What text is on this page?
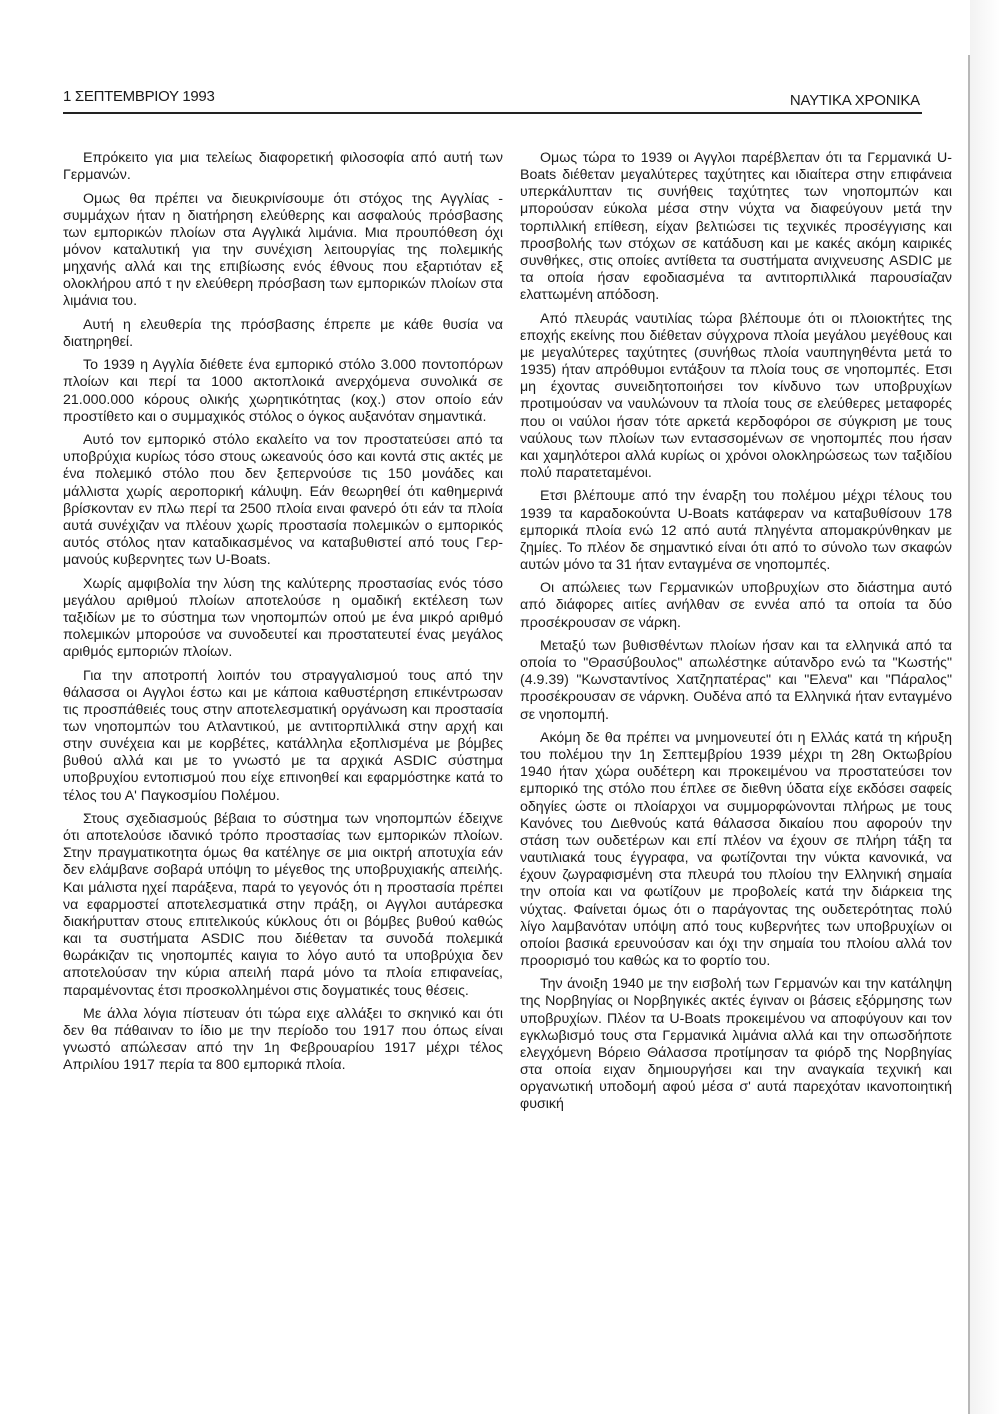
1 ΣΕΠΤΕΜΒΡΙΟΥ 1993	ΝΑΥΤΙΚΑ ΧΡΟΝΙΚΑ

Επρόκειτο για μια τελείως διαφορετική φιλοσοφία από αυτή των Γερμανών.

Ομως θα πρέπει να διευκρινίσουμε ότι στόχος της Αγγλίας - συμμάχων ήταν η διατήρηση ελεύθερης και ασφαλούς πρόσβασης των εμπορικών πλοίων στα Αγγλικά λιμάνια. Μια προυπόθεση όχι μόνον καταλυτική για την συνέχιση λειτουργίας της πολεμικής μηχανής αλλά και της επιβίωσης ενός έθνους που εξαρτιόταν εξ ολοκλήρου από τ ην ελεύθερη πρόσβαση των εμπορικών πλοίων στα λιμάνια του.

Αυτή η ελευθερία της πρόσβασης έπρεπε με κάθε θυσία να διατηρηθεί.

Το 1939 η Αγγλία διέθετε ένα εμπορικό στόλο 3.000 ποντοπόρων πλοίων και περί τα 1000 ακτοπλοικά ανερχόμενα συνολικά σε 21.000.000 κόρους ολικής χωρητικότητας (κοχ.) στον οποίο εάν προστίθετο και ο συμμαχικός στόλος ο όγκος αυξανόταν σημαντικά.

Αυτό τον εμπορικό στόλο εκαλείτο να τον προστατεύσει από τα υποβρύχια κυρίως τόσο στους ωκεανούς όσο και κοντά στις ακτές με ένα πολεμικό στόλο που δεν ξεπερνούσε τις 150 μονάδες και μάλλιστα χωρίς αεροπορική κάλυψη. Εάν θεωρηθεί ότι καθημερινά βρίσκονταν εν πλω περί τα 2500 πλοία ειναι φανερό ότι εάν τα πλοία αυτά συνέχιζαν να πλέουν χωρίς προστασία πολεμικών ο εμπορικός αυτός στόλος ηταν καταδικασμένος να καταβυθιστεί από τους Γερμανούς κυβερνητες των U-Boats.

Χωρίς αμφιβολία την λύση της καλύτερης προστασίας ενός τόσο μεγάλου αριθμού πλοίων αποτελούσε η ομαδική εκτέλεση των ταξιδίων με το σύστημα των νηοπομπών οπού με ένα μικρό αριθμό πολεμικών μπορούσε να συνοδευτεί και προστατευτεί ένας μεγάλος αριθμός εμποριών πλοίων.

Για την αποτροπή λοιπόν του στραγγαλισμού τους από την θάλασσα οι Αγγλοι έστω και με κάποια καθυστέρηση επικέντρωσαν τις προσπάθειές τους στην αποτελεσματική οργάνωση και προστασία των νηοπομπών του Ατλαντικού, με αντιτορπιλλικά στην αρχή και στην συνέχεια και με κορβέτες, κατάλληλα εξοπλισμένα με βόμβες βυθού αλλά και με το γνωστό με τα αρχικά ASDIC σύστημα υποβρυχίου εντοπισμού που είχε επινοηθεί και εφαρμόστηκε κατά το τέλος του Α' Παγκοσμίου Πολέμου.

Στους σχεδιασμούς βέβαια το σύστημα των νηοπομπών έδειχνε ότι αποτελούσε ιδανικό τρόπο προστασίας των εμπορικών πλοίων. Στην πραγματικοτητα όμως θα κατέληγε σε μια οικτρή αποτυχία εάν δεν ελάμβανε σοβαρά υπόψη το μέγεθος της υποβρυχιακής απειλής. Και μάλιστα ηχεί παράξενα, παρά το γεγονός ότι η προστασία πρέπει να εφαρμοστεί αποτελεσματικά στην πράξη, οι Αγγλοι αυτάρεσκα διακήρυτταν στους επιτελικούς κύκλους ότι οι βόμβες βυθού καθώς και τα συστήματα ASDIC που διέθεταν τα συνοδά πολεμικά θωράκιζαν τις νηοπομπές καιγια το λόγο αυτό τα υποβρύχια δεν αποτελούσαν την κύρια απειλή παρά μόνο τα πλοία επιφανείας, παραμένοντας έτσι προσκολλημένοι στις δογματικές τους θέσεις.

Με άλλα λόγια πίστευαν ότι τώρα ειχε αλλάξει το σκηνικό και ότι δεν θα πάθαιναν το ίδιο με την περίοδο του 1917 που όπως είναι γνωστό απώλεσαν από την 1η Φεβρουαρίου 1917 μέχρι τέλος Απριλίου 1917 περία τα 800 εμπορικά πλοία.

Ομως τώρα το 1939 οι Αγγλοι παρέβλεπαν ότι τα Γερμανικά U-Boats διέθεταν μεγαλύτερες ταχύτητες και ιδιαίτερα στην επιφάνεια υπερκάλυπταν τις συνήθεις ταχύτητες των νηοπομπών και μπορούσαν εύκολα μέσα στην νύχτα να διαφεύγουν μετά την τορπιλλική επίθεση, είχαν βελτιώσει τις τεχνικές προσέγγισης και προσβολής των στόχων σε κατάδυση και με κακές ακόμη καιρικές συνθήκες, στις οποίες αντίθετα τα συστήματα ανιχνευσης ASDIC με τα οποία ήσαν εφοδιασμένα τα αντιτορπιλλικά παρουσίαζαν ελαττωμένη απόδοση.

Από πλευράς ναυτιλίας τώρα βλέπουμε ότι οι πλοιοκτήτες της εποχής εκείνης που διέθεταν σύγχρονα πλοία μεγάλου μεγέθους και με μεγαλύτερες ταχύτητες (συνήθως πλοία ναυπηγηθέντα μετά το 1935) ήταν απρόθυμοι εντάξουν τα πλοία τους σε νηοπομπές. Ετσι μη έχοντας συνειδητοποιήσει τον κίνδυνο των υποβρυχίων προτιμούσαν να ναυλώνουν τα πλοία τους σε ελεύθερες μεταφορές που οι ναύλοι ήσαν τότε αρκετά κερδοφόροι σε σύγκριση με τους ναύλους των πλοίων των εντασσομένων σε νηοπομπές που ήσαν και χαμηλότεροι αλλά κυρίως οι χρόνοι ολοκληρώσεως των ταξιδίου πολύ παρατεταμένοι.

Ετσι βλέπουμε από την έναρξη του πολέμου μέχρι τέλους του 1939 τα καραδοκούντα U-Boats κατάφεραν να καταβυθίσουν 178 εμπορικά πλοία ενώ 12 από αυτά πληγέντα απομακρύνθηκαν με ζημίες. Το πλέον δε σημαντικό είναι ότι από το σύνολο των σκαφών αυτών μόνο τα 31 ήταν ενταγμένα σε νηοπομπές.

Οι απώλειες των Γερμανικών υποβρυχίων στο διάστημα αυτό από διάφορες αιτίες ανήλθαν σε εννέα από τα οποία τα δύο προσέκρουσαν σε νάρκη.

Μεταξύ των βυθισθέντων πλοίων ήσαν και τα ελληνικά από τα οποία το "Θρασύβουλος" απωλέστηκε αύτανδρο ενώ τα "Κωστής" (4.9.39) "Κωνσταντίνος Χατζηπατέρας" και "Ελενα" και "Πάραλος" προσέκρουσαν σε νάρνκη. Ουδένα από τα Ελληνικά ήταν ενταγμένο σε νηοπομπή.

Ακόμη δε θα πρέπει να μνημονευτεί ότι η Ελλάς κατά τη κήρυξη του πολέμου την 1η Σεπτεμβρίου 1939 μέχρι τη 28η Οκτωβρίου 1940 ήταν χώρα ουδέτερη και προκειμένου να προστατεύσει τον εμπορικό της στόλο που έπλεε σε διεθνη ύδατα είχε εκδόσει σαφείς οδηγίες ώστε οι πλοίαρχοι να συμμορφώνονται πλήρως με τους Κανόνες του Διεθνούς κατά θάλασσα δικαίου που αφορούν την στάση των ουδετέρων και επί πλέον να έχουν σε πλήρη τάξη τα ναυτιλιακά τους έγγραφα, να φωτίζονται την νύκτα κανονικά, να έχουν ζωγραφισμένη στα πλευρά του πλοίου την Ελληνική σημαία την οποία και να φωτίζουν με προβολείς κατά την διάρκεια της νύχτας. Φαίνεται όμως ότι ο παράγοντας της ουδετερότητας πολύ λίγο λαμβανόταν υπόψη από τους κυβερνήτες των υποβρυχίων οι οποίοι βασικά ερευνούσαν και όχι την σημαία του πλοίου αλλά τον προορισμό του καθώς κα το φορτίο του.

Την άνοιξη 1940 με την εισβολή των Γερμανών και την κατάληψη της Νορβηγίας οι Νορβηγικές ακτές έγιναν οι βάσεις εξόρμησης των υποβρυχίων. Πλέον τα U-Boats προκειμένου να αποφύγουν και τον εγκλωβισμό τους στα Γερμανικά λιμάνια αλλά και την οπωσδήποτε ελεγχόμενη Βόρειο Θάλασσα προτίμησαν τα φιόρδ της Νορβηγίας στα οποία ειχαν δημιουργήσει και την αναγκαία τεχνική και οργανωτική υποδομή αφού μέσα σ' αυτά παρεχόταν ικανοποιητική φυσική
